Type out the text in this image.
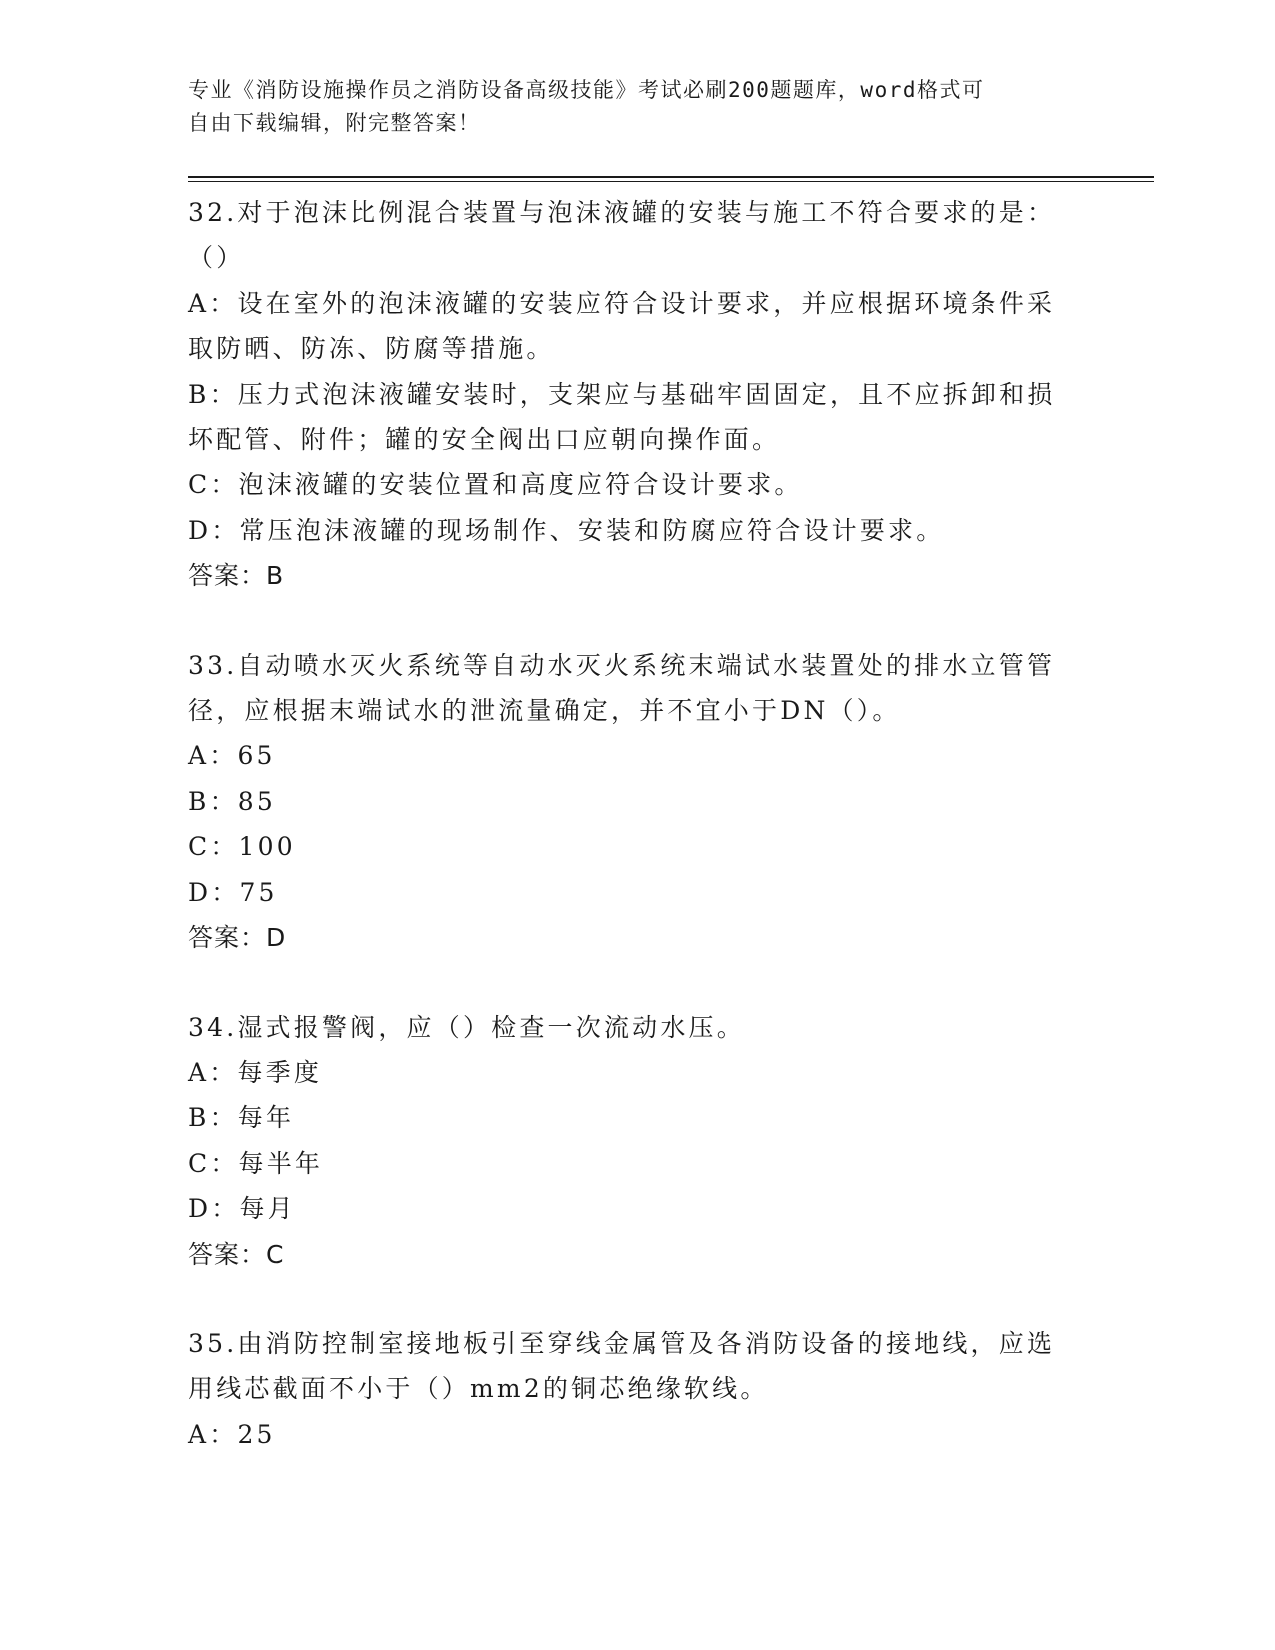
专业《消防设施操作员之消防设备高级技能》考试必刷200题题库，word格式可
自由下载编辑，附完整答案！
32.对于泡沫比例混合装置与泡沫液罐的安装与施工不符合要求的是：
（）
A：设在室外的泡沫液罐的安装应符合设计要求，并应根据环境条件采
取防晒、防冻、防腐等措施。
B：压力式泡沫液罐安装时，支架应与基础牢固固定，且不应拆卸和损
坏配管、附件；罐的安全阀出口应朝向操作面。
C：泡沫液罐的安装位置和高度应符合设计要求。
D：常压泡沫液罐的现场制作、安装和防腐应符合设计要求。
答案：B
33.自动喷水灭火系统等自动水灭火系统末端试水装置处的排水立管管
径，应根据末端试水的泄流量确定，并不宜小于DN（）。
A：65
B：85
C：100
D：75
答案：D
34.湿式报警阀，应（）检查一次流动水压。
A：每季度
B：每年
C：每半年
D：每月
答案：C
35.由消防控制室接地板引至穿线金属管及各消防设备的接地线，应选
用线芯截面不小于（）mm2的铜芯绝缘软线。
A：25
